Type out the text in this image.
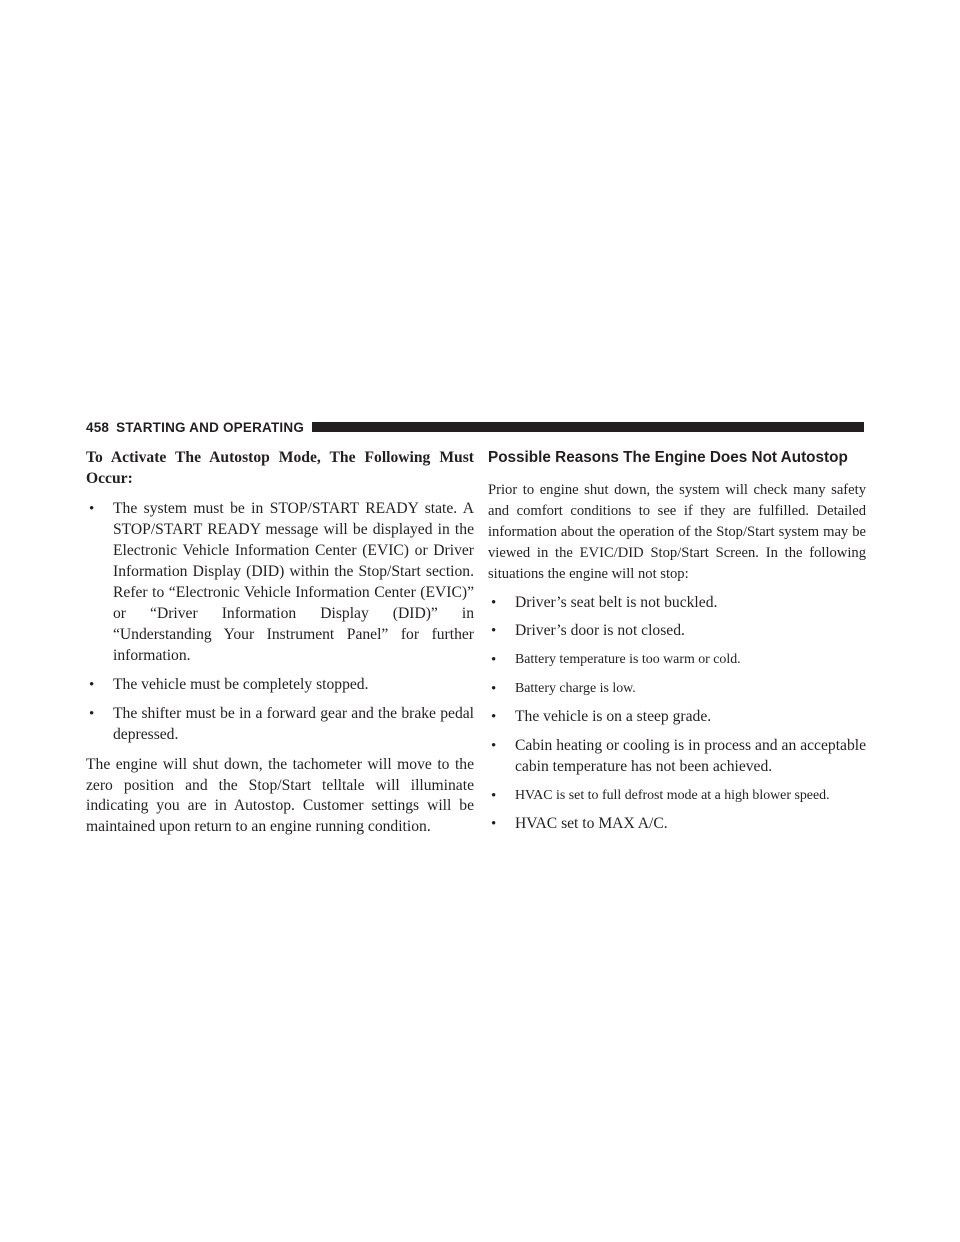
458 STARTING AND OPERATING
To Activate The Autostop Mode, The Following Must Occur:
• The system must be in STOP/START READY state. A STOP/START READY message will be displayed in the Electronic Vehicle Information Center (EVIC) or Driver Information Display (DID) within the Stop/Start section. Refer to “Electronic Vehicle Information Center (EVIC)” or “Driver Information Display (DID)” in “Understanding Your Instrument Panel” for further information.
• The vehicle must be completely stopped.
• The shifter must be in a forward gear and the brake pedal depressed.

The engine will shut down, the tachometer will move to the zero position and the Stop/Start telltale will illuminate indicating you are in Autostop. Customer settings will be maintained upon return to an engine running condition.

Possible Reasons The Engine Does Not Autostop

Prior to engine shut down, the system will check many safety and comfort conditions to see if they are fulfilled. Detailed information about the operation of the Stop/Start system may be viewed in the EVIC/DID Stop/Start Screen. In the following situations the engine will not stop:

• Driver’s seat belt is not buckled.
• Driver’s door is not closed.
• Battery temperature is too warm or cold.
• Battery charge is low.
• The vehicle is on a steep grade.
• Cabin heating or cooling is in process and an acceptable cabin temperature has not been achieved.
• HVAC is set to full defrost mode at a high blower speed.
• HVAC set to MAX A/C.
